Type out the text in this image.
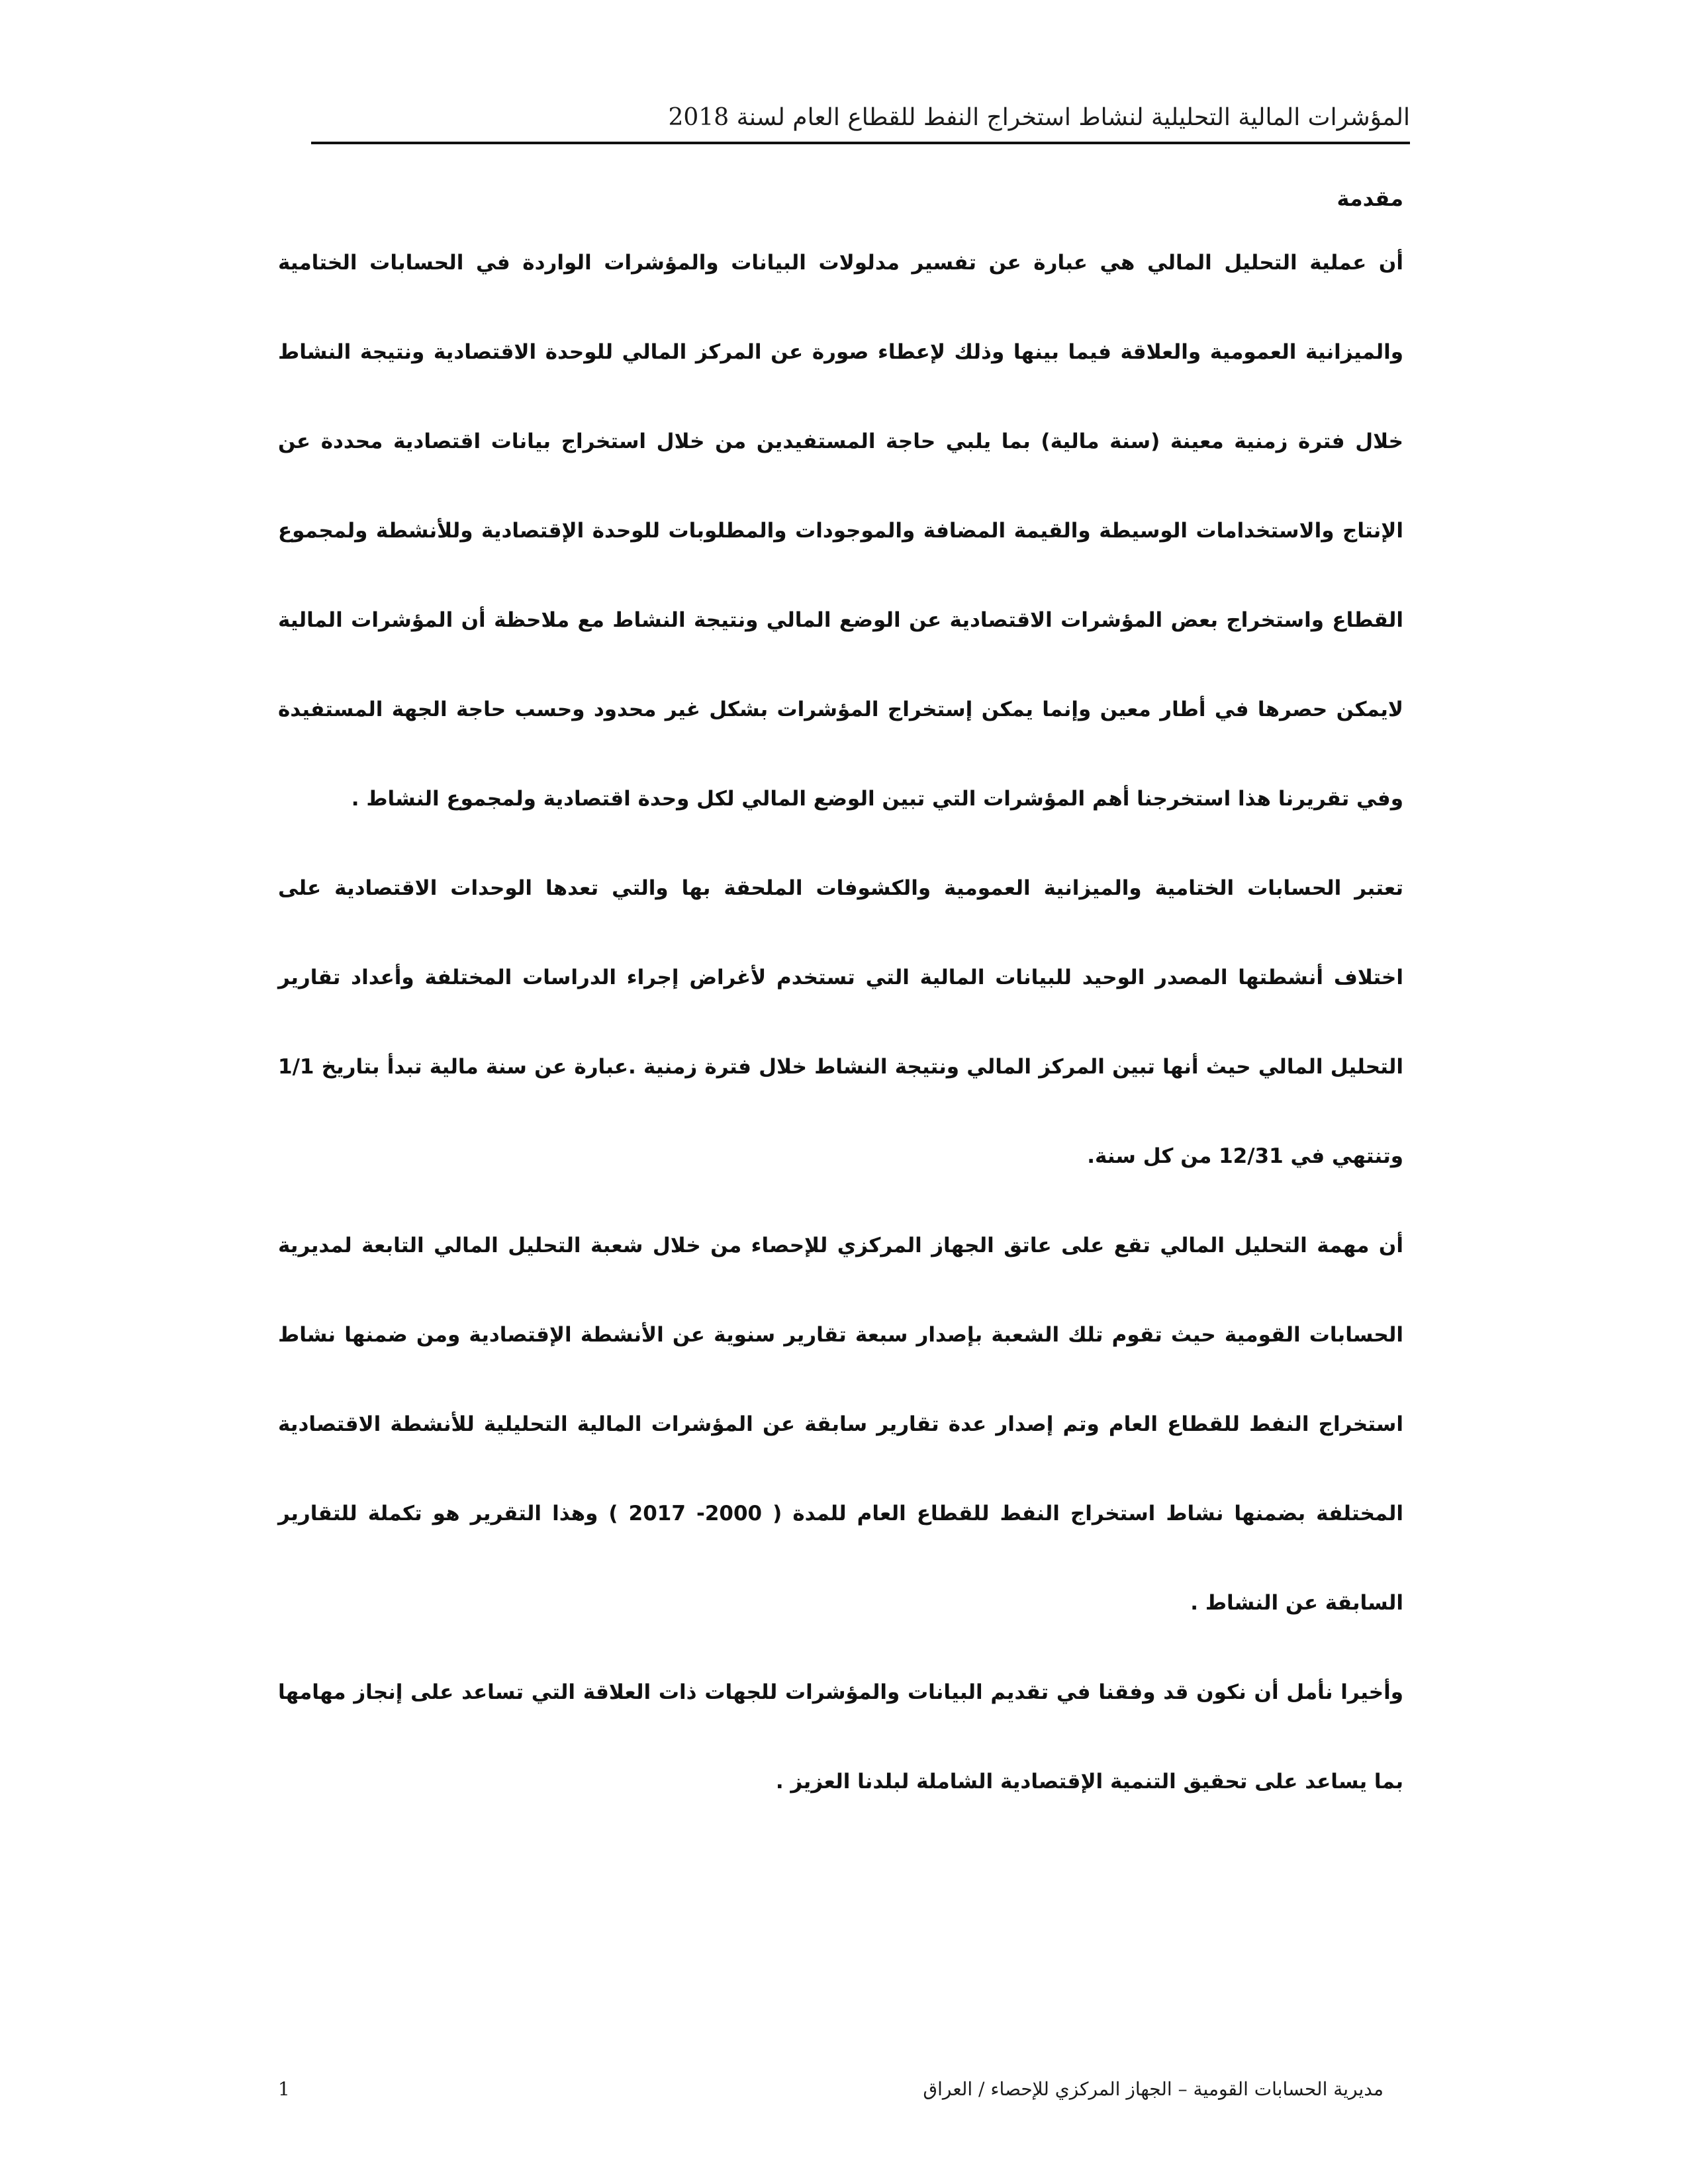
المؤشرات المالية التحليلية لنشاط استخراج النفط للقطاع العام لسنة 2018
مقدمة

أن عملية التحليل المالي هي عبارة عن تفسير مدلولات البيانات والمؤشرات الواردة في الحسابات الختامية والميزانية العمومية والعلاقة فيما بينها وذلك لإعطاء صورة عن المركز المالي للوحدة الاقتصادية ونتيجة النشاط خلال فترة زمنية معينة (سنة مالية) بما يلبي حاجة المستفيدين من خلال استخراج بيانات اقتصادية محددة عن الإنتاج والاستخدامات الوسيطة والقيمة المضافة والموجودات والمطلوبات للوحدة الإقتصادية وللأنشطة ولمجموع القطاع واستخراج بعض المؤشرات الاقتصادية عن الوضع المالي ونتيجة النشاط مع ملاحظة أن المؤشرات المالية لايمكن حصرها في أطار معين وإنما يمكن إستخراج المؤشرات بشكل غير محدود وحسب حاجة الجهة المستفيدة وفي تقريرنا هذا استخرجنا أهم المؤشرات التي تبين الوضع المالي لكل وحدة اقتصادية ولمجموع النشاط .

تعتبر الحسابات الختامية والميزانية العمومية والكشوفات الملحقة بها والتي تعدها الوحدات الاقتصادية على اختلاف أنشطتها المصدر الوحيد للبيانات المالية التي تستخدم لأغراض إجراء الدراسات المختلفة وأعداد تقارير التحليل المالي حيث أنها تبين المركز المالي ونتيجة النشاط خلال فترة زمنية .عبارة عن سنة مالية تبدأ بتاريخ 1/1 وتنتهي في 12/31 من كل سنة.

أن مهمة التحليل المالي تقع على عاتق الجهاز المركزي للإحصاء من خلال شعبة التحليل المالي التابعة لمديرية الحسابات القومية حيث تقوم تلك الشعبة بإصدار سبعة تقارير سنوية عن الأنشطة الإقتصادية ومن ضمنها نشاط استخراج النفط للقطاع العام وتم إصدار عدة تقارير سابقة عن المؤشرات المالية التحليلية للأنشطة الاقتصادية المختلفة بضمنها نشاط استخراج النفط للقطاع العام للمدة ( 2000- 2017 ) وهذا التقرير هو تكملة للتقارير السابقة عن النشاط .

وأخيرا نأمل أن نكون قد وفقنا في تقديم البيانات والمؤشرات للجهات ذات العلاقة التي تساعد على إنجاز مهامها بما يساعد على تحقيق التنمية الإقتصادية الشاملة لبلدنا العزيز .

مديرية الحسابات القومية – الجهاز المركزي للإحصاء / العراق
1
